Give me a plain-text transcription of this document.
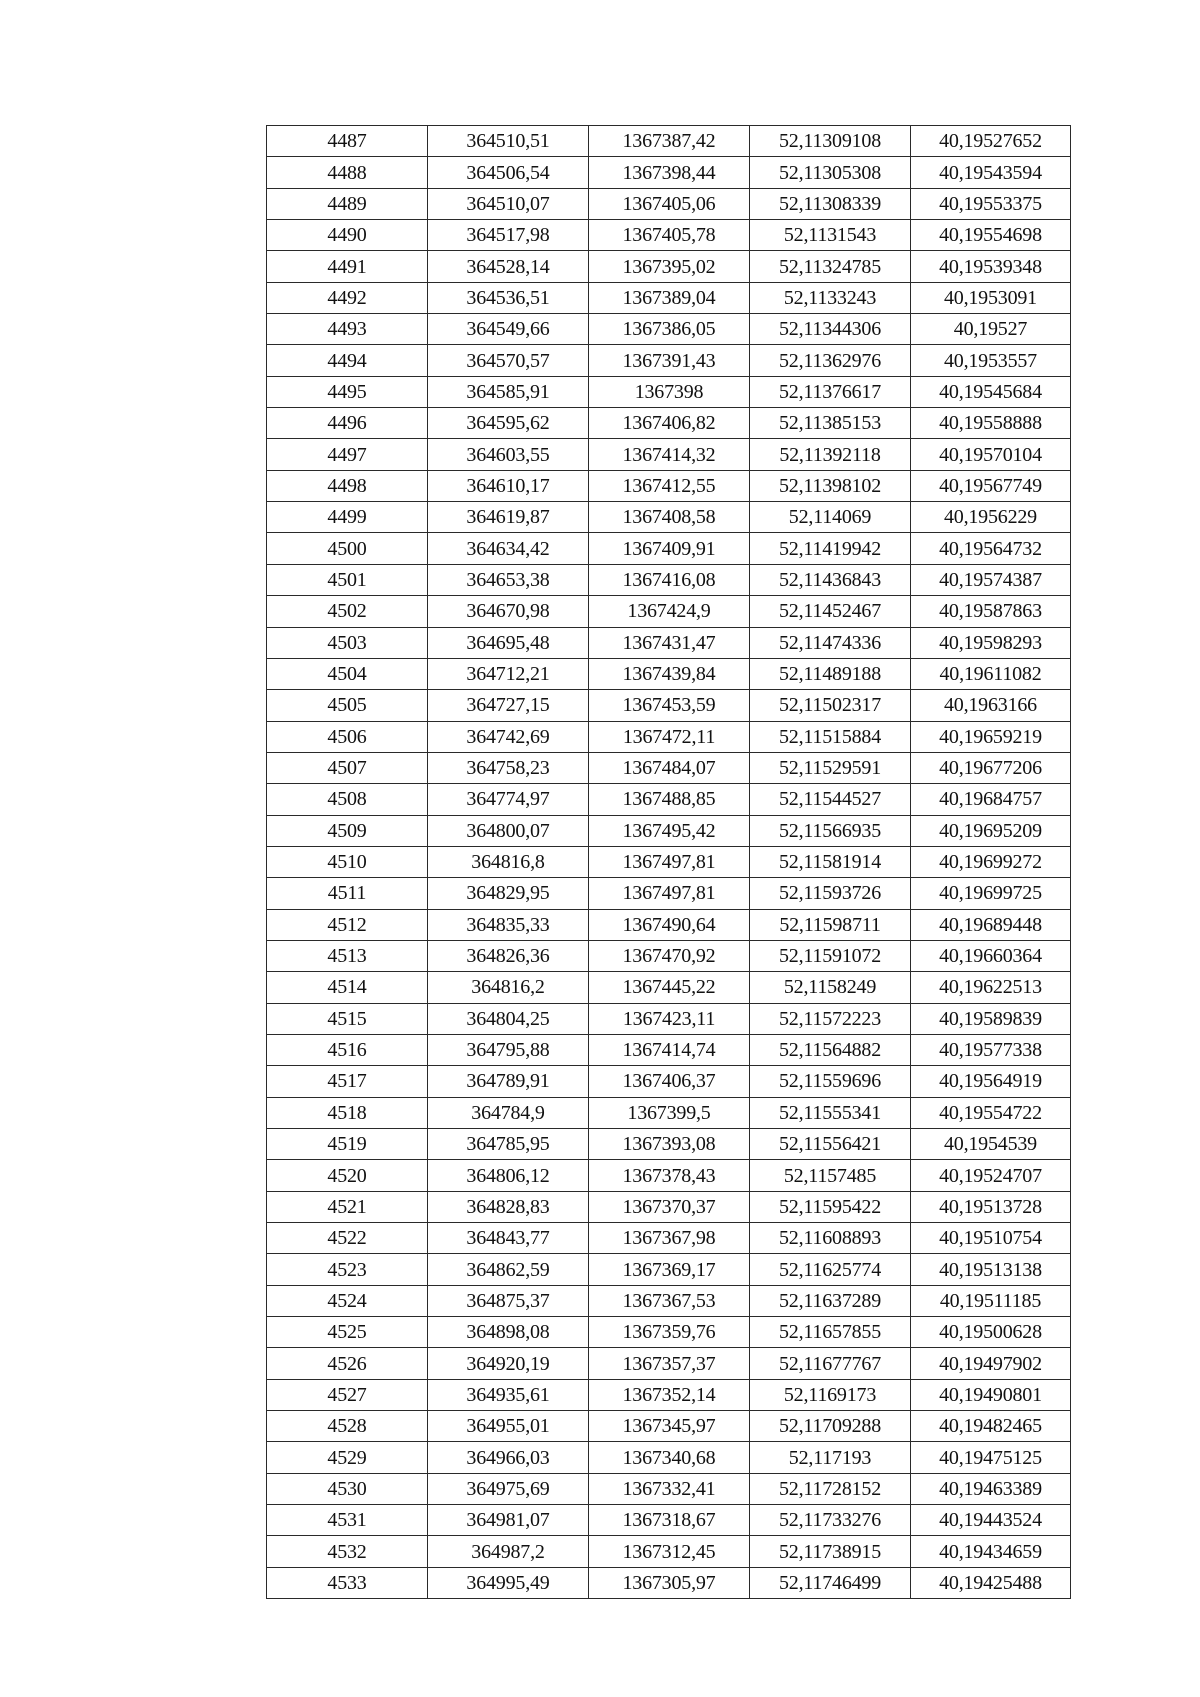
4487	364510,51	1367387,42	52,11309108	40,19527652
4488	364506,54	1367398,44	52,11305308	40,19543594
4489	364510,07	1367405,06	52,11308339	40,19553375
4490	364517,98	1367405,78	52,1131543	40,19554698
4491	364528,14	1367395,02	52,11324785	40,19539348
4492	364536,51	1367389,04	52,1133243	40,1953091
4493	364549,66	1367386,05	52,11344306	40,19527
4494	364570,57	1367391,43	52,11362976	40,1953557
4495	364585,91	1367398	52,11376617	40,19545684
4496	364595,62	1367406,82	52,11385153	40,19558888
4497	364603,55	1367414,32	52,11392118	40,19570104
4498	364610,17	1367412,55	52,11398102	40,19567749
4499	364619,87	1367408,58	52,114069	40,1956229
4500	364634,42	1367409,91	52,11419942	40,19564732
4501	364653,38	1367416,08	52,11436843	40,19574387
4502	364670,98	1367424,9	52,11452467	40,19587863
4503	364695,48	1367431,47	52,11474336	40,19598293
4504	364712,21	1367439,84	52,11489188	40,19611082
4505	364727,15	1367453,59	52,11502317	40,1963166
4506	364742,69	1367472,11	52,11515884	40,19659219
4507	364758,23	1367484,07	52,11529591	40,19677206
4508	364774,97	1367488,85	52,11544527	40,19684757
4509	364800,07	1367495,42	52,11566935	40,19695209
4510	364816,8	1367497,81	52,11581914	40,19699272
4511	364829,95	1367497,81	52,11593726	40,19699725
4512	364835,33	1367490,64	52,11598711	40,19689448
4513	364826,36	1367470,92	52,11591072	40,19660364
4514	364816,2	1367445,22	52,1158249	40,19622513
4515	364804,25	1367423,11	52,11572223	40,19589839
4516	364795,88	1367414,74	52,11564882	40,19577338
4517	364789,91	1367406,37	52,11559696	40,19564919
4518	364784,9	1367399,5	52,11555341	40,19554722
4519	364785,95	1367393,08	52,11556421	40,1954539
4520	364806,12	1367378,43	52,1157485	40,19524707
4521	364828,83	1367370,37	52,11595422	40,19513728
4522	364843,77	1367367,98	52,11608893	40,19510754
4523	364862,59	1367369,17	52,11625774	40,19513138
4524	364875,37	1367367,53	52,11637289	40,19511185
4525	364898,08	1367359,76	52,11657855	40,19500628
4526	364920,19	1367357,37	52,11677767	40,19497902
4527	364935,61	1367352,14	52,1169173	40,19490801
4528	364955,01	1367345,97	52,11709288	40,19482465
4529	364966,03	1367340,68	52,117193	40,19475125
4530	364975,69	1367332,41	52,11728152	40,19463389
4531	364981,07	1367318,67	52,11733276	40,19443524
4532	364987,2	1367312,45	52,11738915	40,19434659
4533	364995,49	1367305,97	52,11746499	40,19425488
